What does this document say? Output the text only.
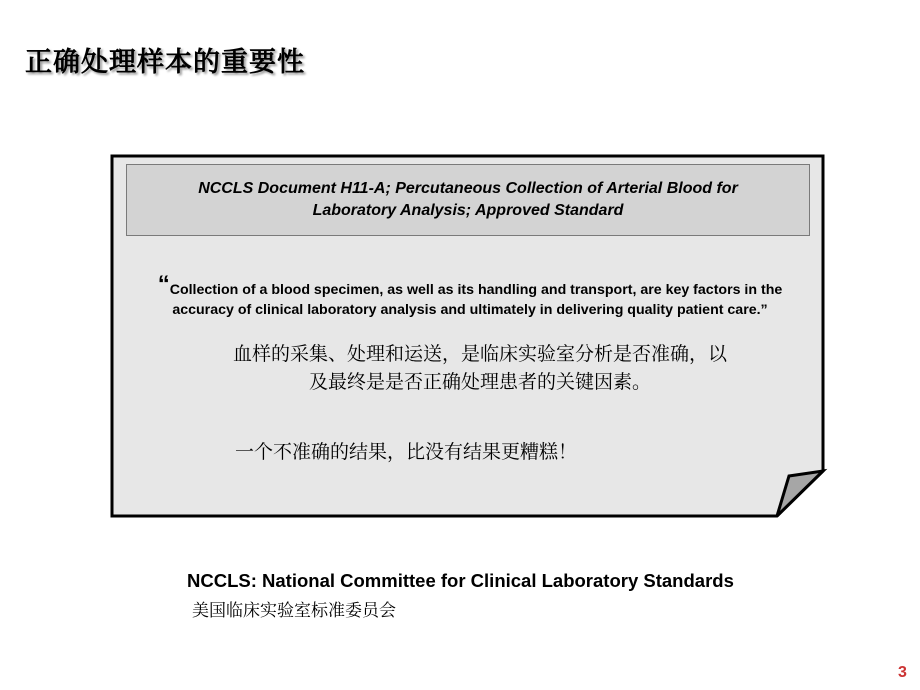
正确处理样本的重要性
NCCLS Document H11-A; Percutaneous Collection of Arterial Blood for
Laboratory Analysis; Approved Standard
“Collection of a blood specimen, as well as its handling and transport, are key factors in the accuracy of clinical laboratory analysis and ultimately in delivering quality patient care.”
血样的采集、处理和运送，是临床实验室分析是否准确，以
及最终是是否正确处理患者的关键因素。
一个不准确的结果，比没有结果更糟糕！
NCCLS: National Committee for Clinical Laboratory Standards
美国临床实验室标准委员会
3
